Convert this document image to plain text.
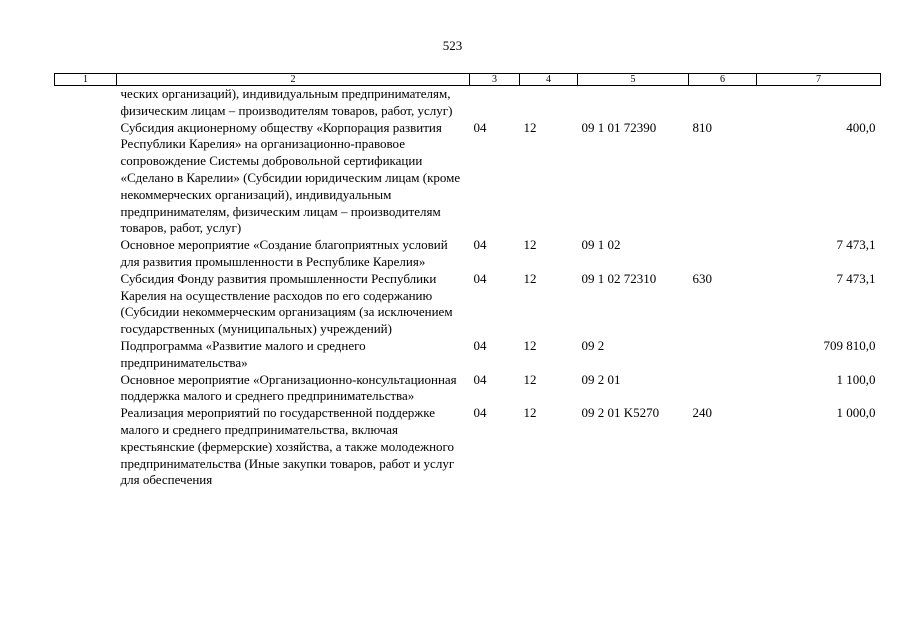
523
1	2	3	4	5	6	7
	ческих организаций), индивидуальным предпринимателям, физическим лицам – производителям товаров, работ, услуг)					
	Субсидия акционерному обществу «Корпорация развития Республики Карелия» на организационно-правовое сопровождение Системы добровольной сертификации «Сделано в Карелии» (Субсидии юридическим лицам (кроме некоммерческих организаций), индивидуальным предпринимателям, физическим лицам – производителям товаров, работ, услуг)	04	12	09 1 01 72390	810	400,0
	Основное мероприятие «Создание благоприятных условий для развития промышленности в Республике Карелия»	04	12	09 1 02		7 473,1
	Субсидия Фонду развития промышленности Республики Карелия на осуществление расходов по его содержанию (Субсидии некоммерческим организациям (за исключением государственных (муниципальных) учреждений)	04	12	09 1 02 72310	630	7 473,1
	Подпрограмма «Развитие малого и среднего предпринимательства»	04	12	09 2		709 810,0
	Основное мероприятие «Организационно-консультационная поддержка малого и среднего предпринимательства»	04	12	09 2 01		1 100,0
	Реализация мероприятий по государственной поддержке малого и среднего предпринимательства, включая крестьянские (фермерские) хозяйства, а также молодежного предпринимательства (Иные закупки товаров, работ и услуг для обеспечения	04	12	09 2 01 K5270	240	1 000,0
